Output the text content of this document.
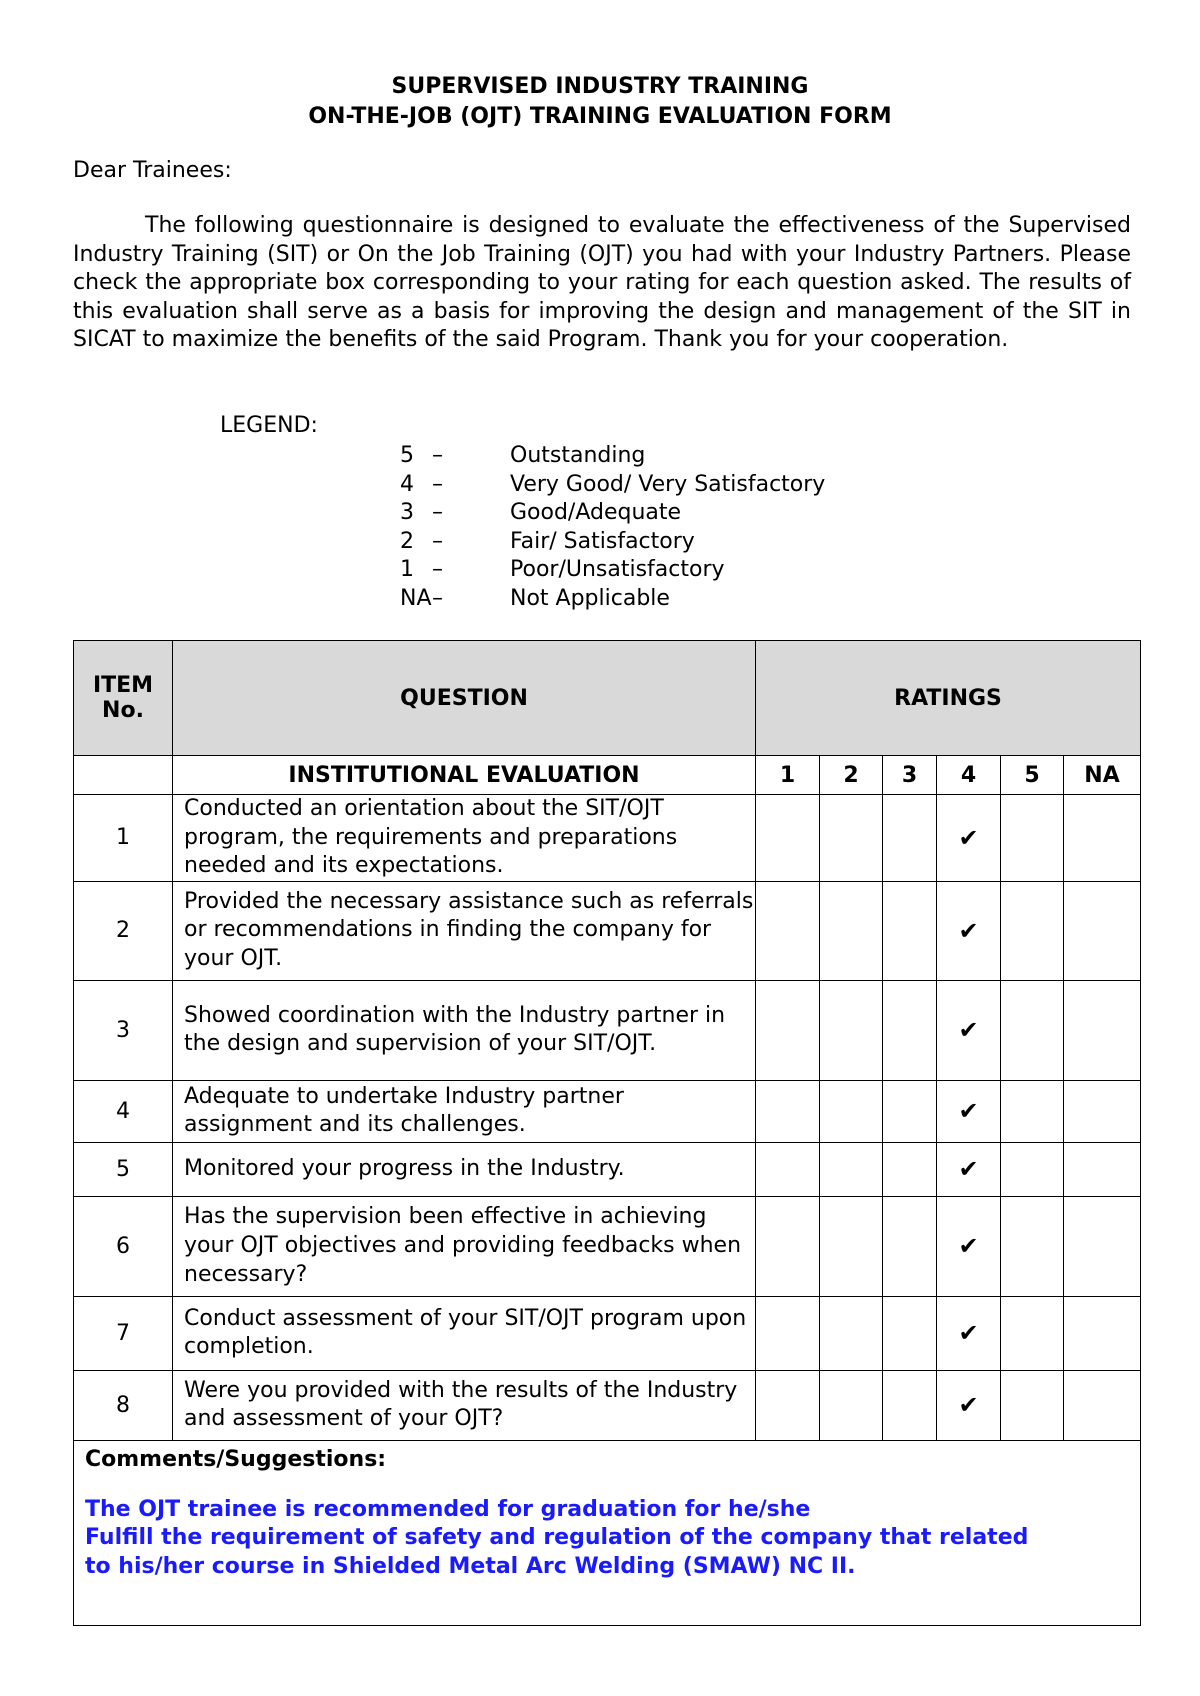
SUPERVISED INDUSTRY TRAINING
ON-THE-JOB (OJT) TRAINING EVALUATION FORM
Dear Trainees:

The following questionnaire is designed to evaluate the effectiveness of the Supervised Industry Training (SIT) or On the Job Training (OJT) you had with your Industry Partners. Please check the appropriate box corresponding to your rating for each question asked. The results of this evaluation shall serve as a basis for improving the design and management of the SIT in SICAT to maximize the benefits of the said Program. Thank you for your cooperation.

LEGEND:
5 –	Outstanding
4 –	Very Good/ Very Satisfactory
3 –	Good/Adequate
2 –	Fair/ Satisfactory
1 –	Poor/Unsatisfactory
NA –	Not Applicable
ITEM
No.	QUESTION	RATINGS					
	INSTITUTIONAL EVALUATION	1	2	3	4	5	NA
1	Conducted an orientation about the SIT/OJT program, the requirements and preparations needed and its expectations.				✔		
2	Provided the necessary assistance such as referrals or recommendations in finding the company for your OJT.				✔		
3	Showed coordination with the Industry partner in the design and supervision of your SIT/OJT.				✔		
4	Adequate to undertake Industry partner assignment and its challenges.				✔		
5	Monitored your progress in the Industry.				✔		
6	Has the supervision been effective in achieving your OJT objectives and providing feedbacks when necessary?				✔		
7	Conduct assessment of your SIT/OJT program upon completion.				✔		
8	Were you provided with the results of the Industry and assessment of your OJT?				✔		

Comments/Suggestions:
The OJT trainee is recommended for graduation for he/she
Fulfill the requirement of safety and regulation of the company that related
to his/her course in Shielded Metal Arc Welding (SMAW) NC II.							
